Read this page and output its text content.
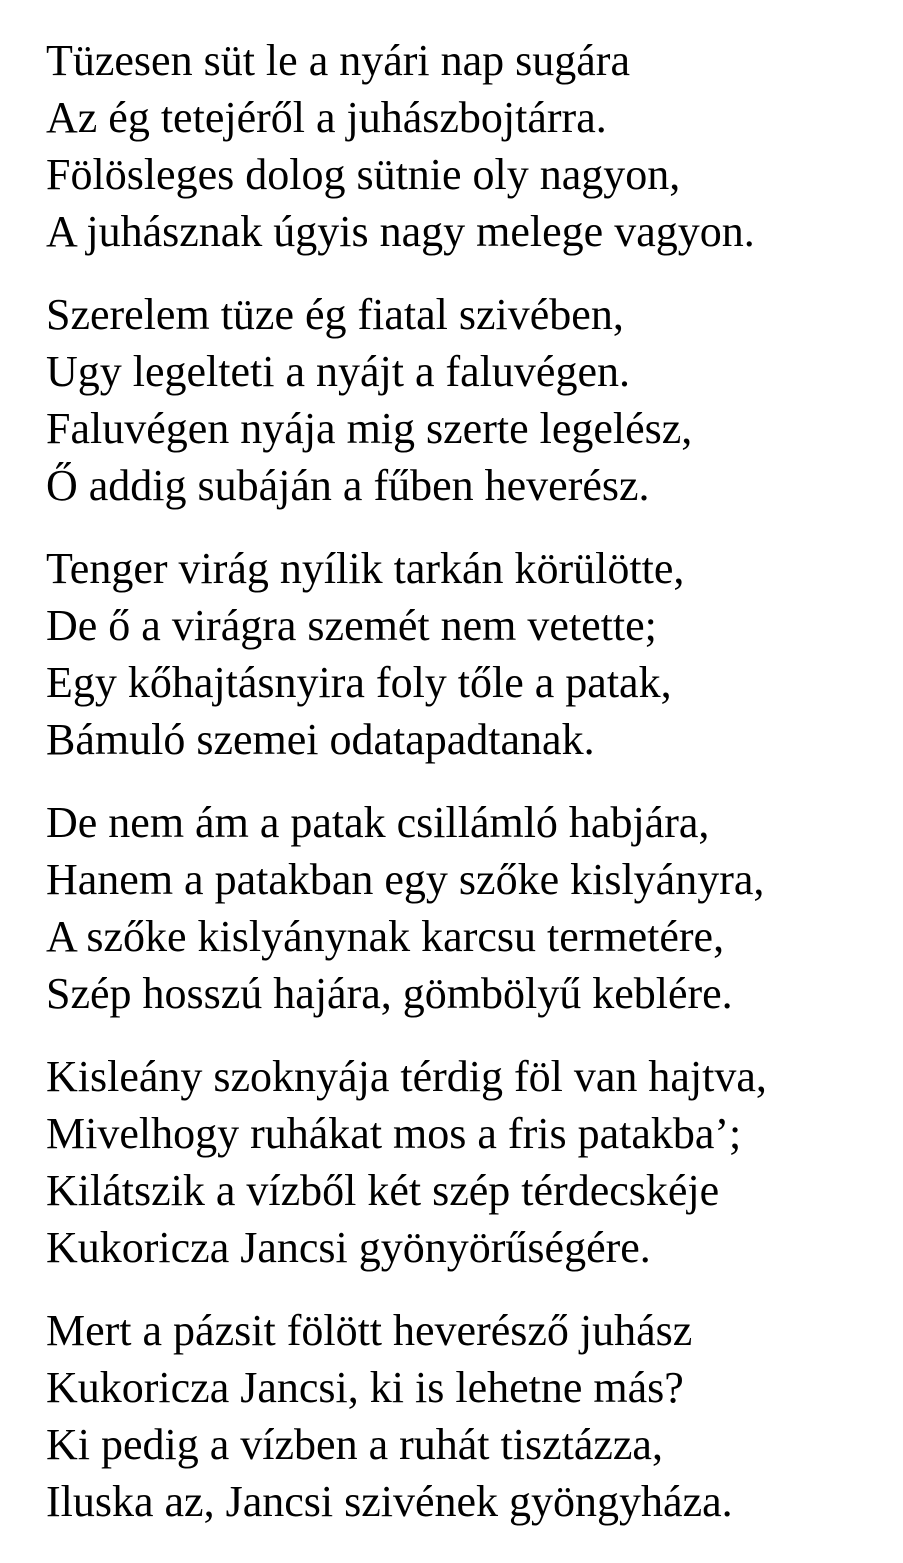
Tüzesen süt le a nyári nap sugára
Az ég tetejéről a juhászbojtárra.
Fölösleges dolog sütnie oly nagyon,
A juhásznak úgyis nagy melege vagyon.

Szerelem tüze ég fiatal szivében,
Ugy legelteti a nyájt a faluvégen.
Faluvégen nyája mig szerte legelész,
Ő addig subáján a fűben heverész.

Tenger virág nyílik tarkán körülötte,
De ő a virágra szemét nem vetette;
Egy kőhajtásnyira foly tőle a patak,
Bámuló szemei odatapadtanak.

De nem ám a patak csillámló habjára,
Hanem a patakban egy szőke kislyányra,
A szőke kislyánynak karcsu termetére,
Szép hosszú hajára, gömbölyű keblére.

Kisleány szoknyája térdig föl van hajtva,
Mivelhogy ruhákat mos a fris patakba’;
Kilátszik a vízből két szép térdecskéje
Kukoricza Jancsi gyönyörűségére.

Mert a pázsit fölött heverésző juhász
Kukoricza Jancsi, ki is lehetne más?
Ki pedig a vízben a ruhát tisztázza,
Iluska az, Jancsi szivének gyöngyháza.
